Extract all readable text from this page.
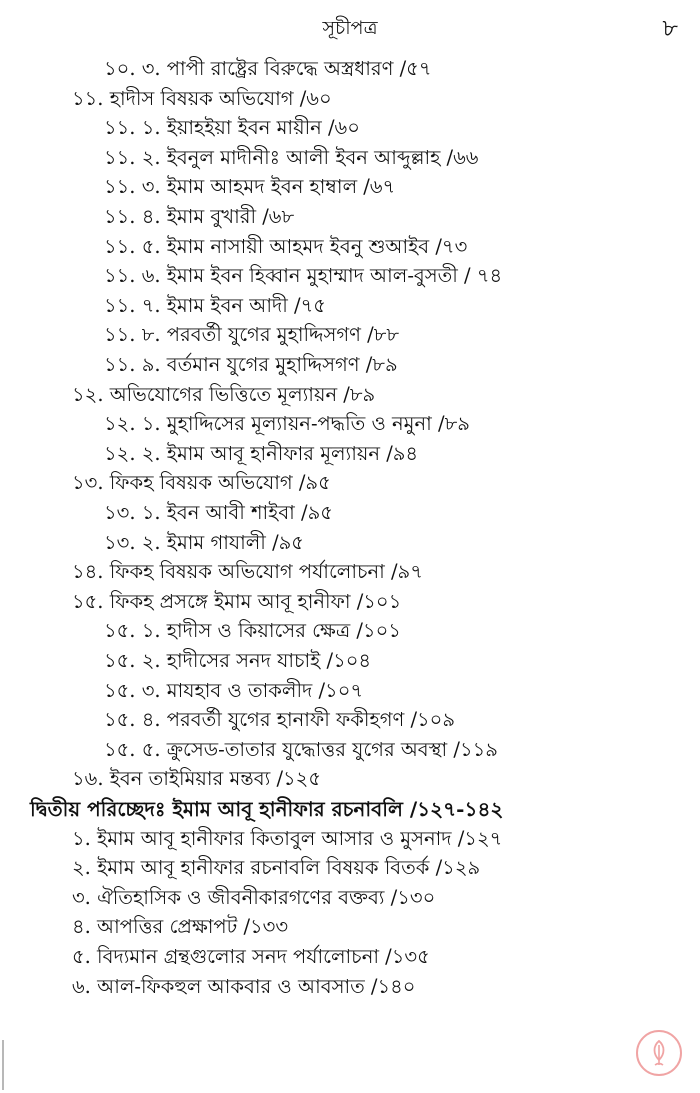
সূচীপত্র	৮
১০. ৩. পাপী রাষ্ট্রের বিরুদ্ধে অস্ত্রধারণ /৫৭
১১. হাদীস বিষয়ক অভিযোগ /৬০
১১. ১. ইয়াহইয়া ইবন মায়ীন /৬০
১১. ২. ইবনুল মাদীনীঃ আলী ইবন আব্দুল্লাহ /৬৬
১১. ৩. ইমাম আহমদ ইবন হাম্বাল /৬৭
১১. ৪. ইমাম বুখারী /৬৮
১১. ৫. ইমাম নাসায়ী আহমদ ইবনু শুআইব /৭৩
১১. ৬. ইমাম ইবন হিব্বান মুহাম্মাদ আল-বুসতী / ৭৪
১১. ৭. ইমাম ইবন আদী /৭৫
১১. ৮. পরবর্তী যুগের মুহাদ্দিসগণ /৮৮
১১. ৯. বর্তমান যুগের মুহাদ্দিসগণ /৮৯
১২. অভিযোগের ভিত্তিতে মূল্যায়ন /৮৯
১২. ১. মুহাদ্দিসের মূল্যায়ন-পদ্ধতি ও নমুনা /৮৯
১২. ২. ইমাম আবূ হানীফার মূল্যায়ন /৯৪
১৩. ফিকহ বিষয়ক অভিযোগ /৯৫
১৩. ১. ইবন আবী শাইবা /৯৫
১৩. ২. ইমাম গাযালী /৯৫
১৪. ফিকহ বিষয়ক অভিযোগ পর্যালোচনা /৯৭
১৫. ফিকহ প্রসঙ্গে ইমাম আবূ হানীফা /১০১
১৫. ১. হাদীস ও কিয়াসের ক্ষেত্র /১০১
১৫. ২. হাদীসের সনদ যাচাই /১০৪
১৫. ৩. মাযহাব ও তাকলীদ /১০৭
১৫. ৪. পরবর্তী যুগের হানাফী ফকীহগণ /১০৯
১৫. ৫. ক্রুসেড-তাতার যুদ্ধোত্তর যুগের অবস্থা /১১৯
১৬. ইবন তাইমিয়ার মন্তব্য /১২৫
দ্বিতীয় পরিচ্ছেদঃ ইমাম আবূ হানীফার রচনাবলি /১২৭-১৪২
১. ইমাম আবূ হানীফার কিতাবুল আসার ও মুসনাদ /১২৭
২. ইমাম আবূ হানীফার রচনাবলি বিষয়ক বিতর্ক /১২৯
৩. ঐতিহাসিক ও জীবনীকারগণের বক্তব্য /১৩০
৪. আপত্তির প্রেক্ষাপট /১৩৩
৫. বিদ্যমান গ্রন্থগুলোর সনদ পর্যালোচনা /১৩৫
৬. আল-ফিকহুল আকবার ও আবসাত /১৪০
